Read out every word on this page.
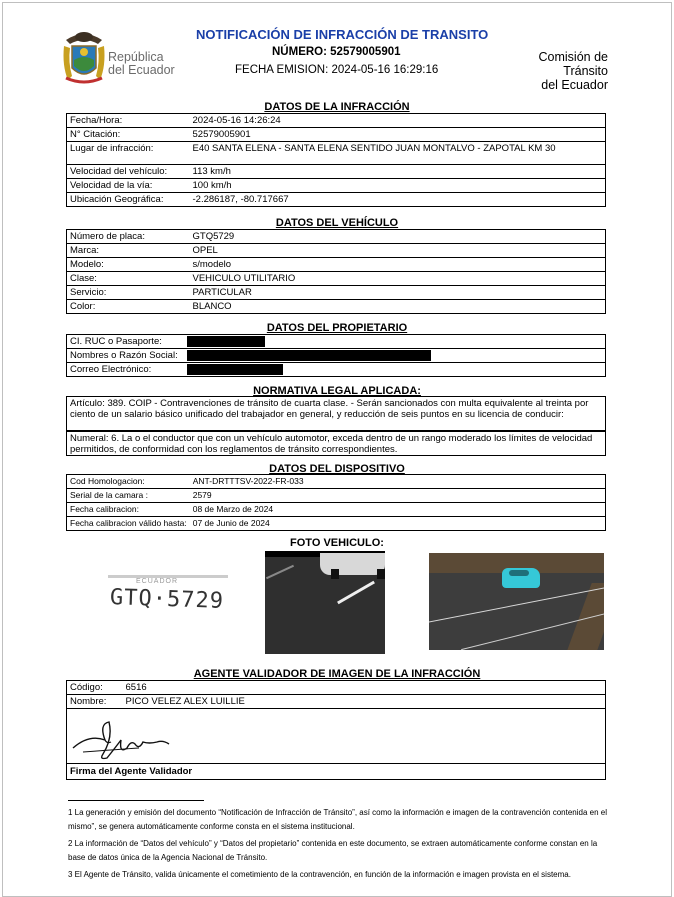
República
del Ecuador
NOTIFICACIÓN DE INFRACCIÓN DE TRANSITO
NÚMERO: 52579005901
FECHA EMISION: 2024-05-16 16:29:16
Comisión de Tránsito
del Ecuador
DATOS DE LA INFRACCIÓN
Fecha/Hora:	2024-05-16 14:26:24
N° Citación:	52579005901
Lugar de infracción:	E40 SANTA ELENA - SANTA ELENA SENTIDO JUAN MONTALVO - ZAPOTAL KM 30
Velocidad del vehículo:	113 km/h
Velocidad de la vía:	100 km/h
Ubicación Geográfica:	-2.286187, -80.717667
DATOS DEL VEHÍCULO
Número de placa:	GTQ5729
Marca:	OPEL
Modelo:	s/modelo
Clase:	VEHICULO UTILITARIO
Servicio:	PARTICULAR
Color:	BLANCO
DATOS DEL PROPIETARIO
CI. RUC o Pasaporte:	
Nombres o Razón Social:	
Correo Electrónico:	
NORMATIVA LEGAL APLICADA:
Artículo: 389. COIP - Contravenciones de tránsito de cuarta clase. - Serán sancionados con multa equivalente al treinta por ciento de un salario básico unificado del trabajador en general, y reducción de seis puntos en su licencia de conducir:
Numeral: 6. La o el conductor que con un vehículo automotor, exceda dentro de un rango moderado los límites de velocidad permitidos, de conformidad con los reglamentos de tránsito correspondientes.
DATOS DEL DISPOSITIVO
Cod Homologacion:	ANT-DRTTTSV-2022-FR-033
Serial de la camara :	2579
Fecha calibracion:	08 de Marzo de 2024
Fecha calibracion válido hasta:	07 de Junio de 2024
FOTO VEHICULO:
ECUADOR
GTQ·5729
AGENTE VALIDADOR DE IMAGEN DE LA INFRACCIÓN
Código:	6516
Nombre:	PICO VELEZ ALEX LUILLIE
Firma del Agente Validador
1 La generación y emisión del documento “Notificación de Infracción de Tránsito”, así como la información e imagen de la contravención contenida en el mismo”, se genera automáticamente conforme consta en el sistema institucional.
2 La información de “Datos del vehículo” y “Datos del propietario” contenida en este documento, se extraen automáticamente conforme constan en la base de datos única de la Agencia Nacional de Tránsito.
3 El Agente de Tránsito, valida únicamente el cometimiento de la contravención, en función de la información e imagen provista en el sistema.
